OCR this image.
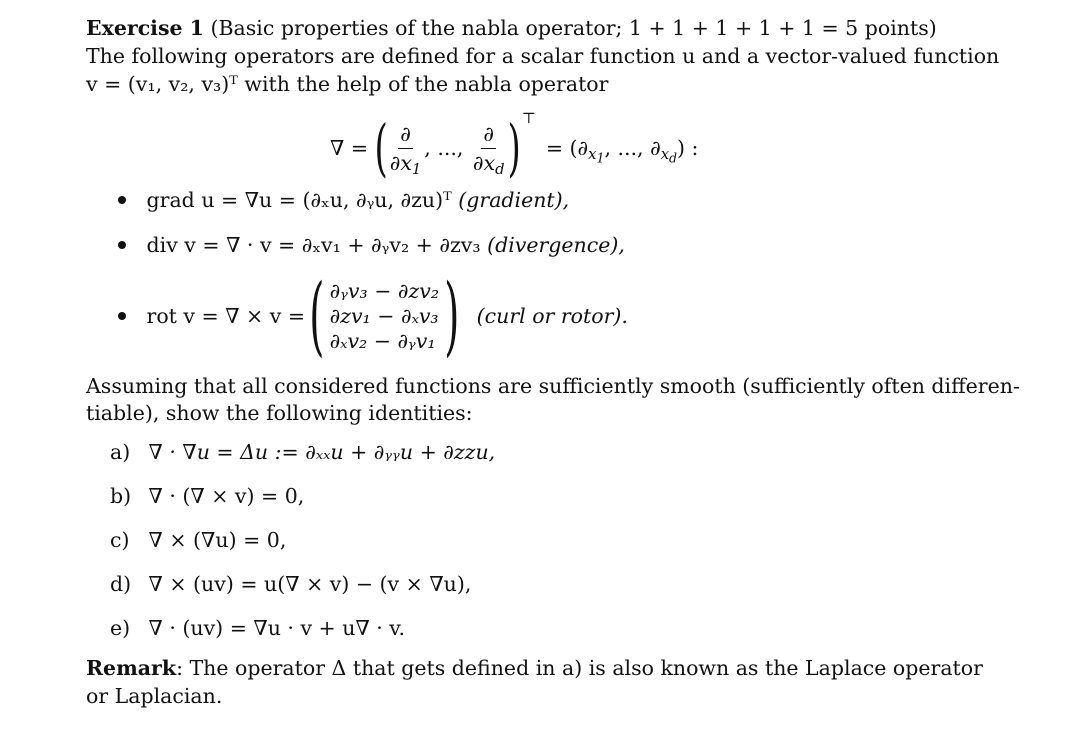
Exercise 1 (Basic properties of the nabla operator; 1 + 1 + 1 + 1 + 1 = 5 points)
The following operators are defined for a scalar function u and a vector-valued function
v = (v₁, v₂, v₃)ᵀ with the help of the nabla operator
∇ = ( $\frac{\partial}{\partial x_1}$ , ..., $\frac{\partial}{\partial x_d}$ ) ⊤
= ($\partial_{x_1}$, ..., $\partial_{x_d}$) :
grad u = ∇u = (∂ₓu, ∂ᵧu, ∂zu)ᵀ (gradient),
div v = ∇ · v = ∂ₓv₁ + ∂ᵧv₂ + ∂zv₃ (divergence),
rot v = ∇ × v = ( ∂ᵧv₃ − ∂zv₂
∂zv₁ − ∂ₓv₃
∂ₓv₂ − ∂ᵧv₁ ) (curl or rotor).
Assuming that all considered functions are sufficiently smooth (sufficiently often differen-
tiable), show the following identities:
a) ∇ · ∇u = Δu := ∂ₓₓu + ∂ᵧᵧu + ∂zzu,
b) ∇ · (∇ × v) = 0,
c) ∇ × (∇u) = 0,
d) ∇ × (uv) = u(∇ × v) − (v × ∇u),
e) ∇ · (uv) = ∇u · v + u∇ · v.
Remark: The operator Δ that gets defined in a) is also known as the Laplace operator
or Laplacian.
